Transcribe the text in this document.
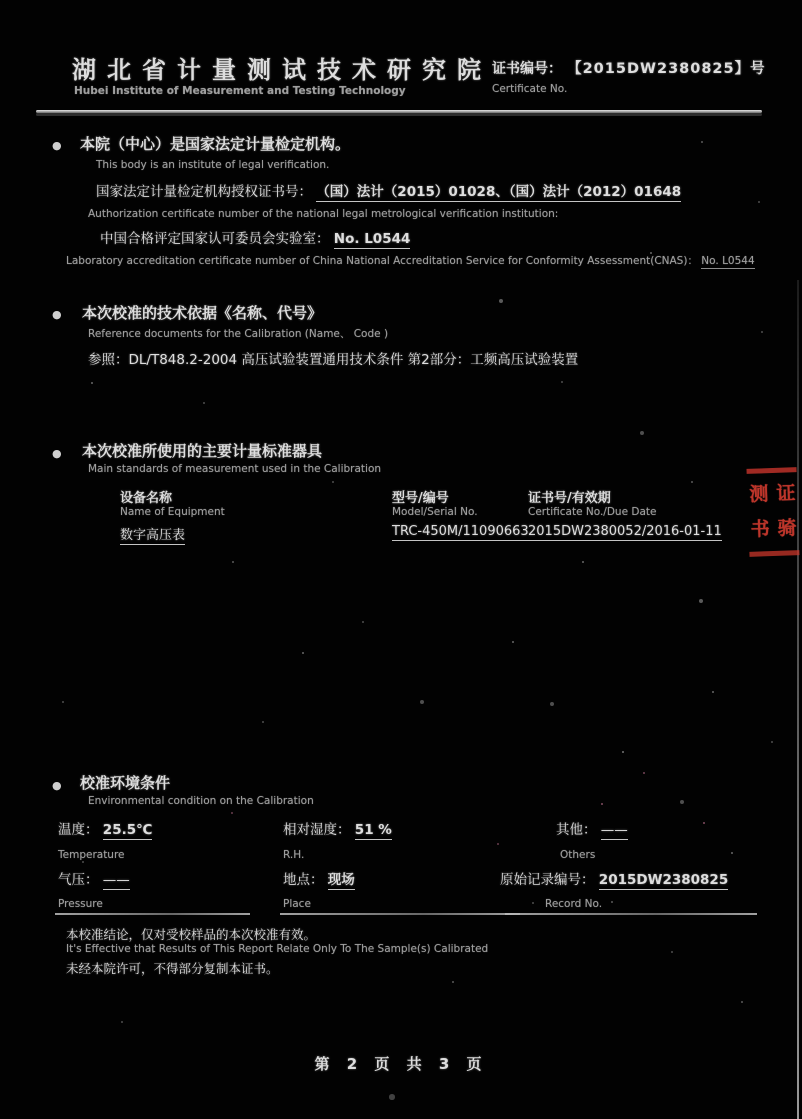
湖北省计量测试技术研究院
Hubei Institute of Measurement and Testing Technology
证书编号： 【2015DW2380825】号
Certificate No.
●
本院（中心）是国家法定计量检定机构。
This body is an institute of legal verification.
国家法定计量检定机构授权证书号： （国）法计（2015）01028、（国）法计（2012）01648
Authorization certificate number of the national legal metrological verification institution:
中国合格评定国家认可委员会实验室： No. L0544
Laboratory accreditation certificate number of China National Accreditation Service for Conformity Assessment(CNAS)： No. L0544
●
本次校准的技术依据《名称、代号》
Reference documents for the Calibration (Name、 Code )
参照：DL/T848.2-2004 高压试验装置通用技术条件 第2部分：工频高压试验装置
●
本次校准所使用的主要计量标准器具
Main standards of measurement used in the Calibration
设备名称	型号/编号	证书号/有效期
Name of Equipment	Model/Serial No.	Certificate No./Due Date
数字高压表	TRC-450M/11090663 2015DW2380052/2016-01-11
测
书
证
骑
●
校准环境条件
Environmental condition on the Calibration
温度： 25.5℃
Temperature
相对湿度： 51 %
R.H.
其他： ——
Others
气压： ——
Pressure
地点： 现场
Place
原始记录编号： 2015DW2380825
Record No.
本校准结论，仅对受校样品的本次校准有效。
It's Effective that Results of This Report Relate Only To The Sample(s) Calibrated
未经本院许可，不得部分复制本证书。
第 2 页 共 3 页
